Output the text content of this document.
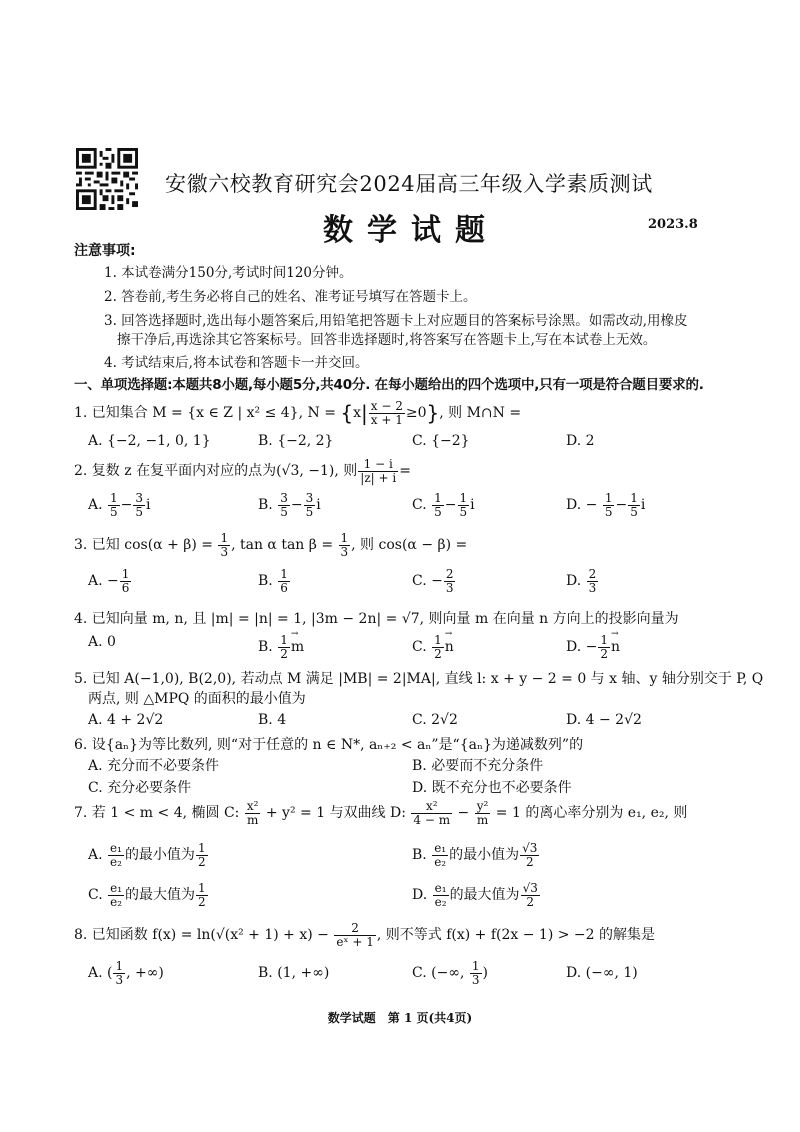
安徽六校教育研究会2024届高三年级入学素质测试
数学试题	2023.8
注意事项:
1. 本试卷满分150分,考试时间120分钟。
2. 答卷前,考生务必将自己的姓名、准考证号填写在答题卡上。
3. 回答选择题时,选出每小题答案后,用铅笔把答题卡上对应题目的答案标号涂黑。如需改动,用橡皮
擦干净后,再选涂其它答案标号。回答非选择题时,将答案写在答题卡上,写在本试卷上无效。
4. 考试结束后,将本试卷和答题卡一并交回。
一、单项选择题:本题共8小题,每小题5分,共40分. 在每小题给出的四个选项中,只有一项是符合题目要求的.
1. 已知集合 M = {x ∈ Z | x² ≤ 4}, $N = \{x| \frac{x - 2}{x + 1} \ge 0\}$, 则 M∩N =
A. {−2, −1, 0, 1}	B. {−2, 2}	C. {−2}	D. 2
2. 复数 z 在复平面内对应的点为(√3, −1), 则 $\frac{1 - i}{|z| + i}$ =
A. $\frac{1}{5} - \frac{3}{5}$ i	B. $\frac{3}{5} - \frac{3}{5}$ i	C. $\frac{1}{5} - \frac{1}{5}$ i	D. − $\frac{1}{5} - \frac{1}{5}$ i
3. 已知 $\cos(\alpha + \beta) = \frac{1}{3}$ , tan α $\tan \beta = \frac{1}{3}$ , 则 cos(α − β) =
A. − $\frac{1}{6}$	B. $\frac{1}{6}$	C. − $\frac{2}{3}$	D. $\frac{2}{3}$
4. 已知向量 m, n, 且 |m| = |n| = 1, |3m − 2n| = √7, 则向量 m 在向量 n 方向上的投影向量为
A. 0	B. $\frac{1}{2}$
→ m	C. $\frac{1}{2}$
→ n	D. − $\frac{1}{2}$
→ n
5. 已知 A(−1,0), B(2,0), 若动点 M 满足 |MB| = 2|MA|, 直线 l: x + y − 2 = 0 与 x 轴、y 轴分别交于 P, Q
两点, 则 △MPQ 的面积的最小值为
A. 4 + 2√2	B. 4	C. 2√2	D. 4 − 2√2
6. 设{aₙ}为等比数列, 则“对于任意的 n ∈ N*, aₙ₊₂ < aₙ”是“{aₙ}为递减数列”的
A. 充分而不必要条件	B. 必要而不充分条件
C. 充分必要条件	D. 既不充分也不必要条件
7. 若 1 < m < 4, 椭圆 C: $\frac{\text{x²}}{m} + y^2 = 1$ 与双曲线 D: $\frac{\text{x²}}{4 - m} - \frac{\text{y²}}{m} = 1$ 的离心率分别为 e₁, e₂, 则
A. $\frac{\text{e₁}}{\text{e₂}}$ 的最小值为 $\frac{1}{2}$	B. $\frac{\text{e₁}}{\text{e₂}}$ 的最小值为 $\frac{√3}{2}$
C. $\frac{\text{e₁}}{\text{e₂}}$ 的最大值为 $\frac{1}{2}$	D. $\frac{\text{e₁}}{\text{e₂}}$ 的最大值为 $\frac{√3}{2}$
8. 已知函数 $f(x) = \ln(√(x^2 + 1) + x) - \frac{2}{\text{eˣ + 1}}$ , 则不等式 f(x) + f(2x − 1) > −2 的解集是
A. ( $\frac{1}{3}$ , +∞)	B. (1, +∞)	C. (−∞, $\frac{1}{3}$ )	D. (−∞, 1)
数学试题　第 1 页(共4页)
